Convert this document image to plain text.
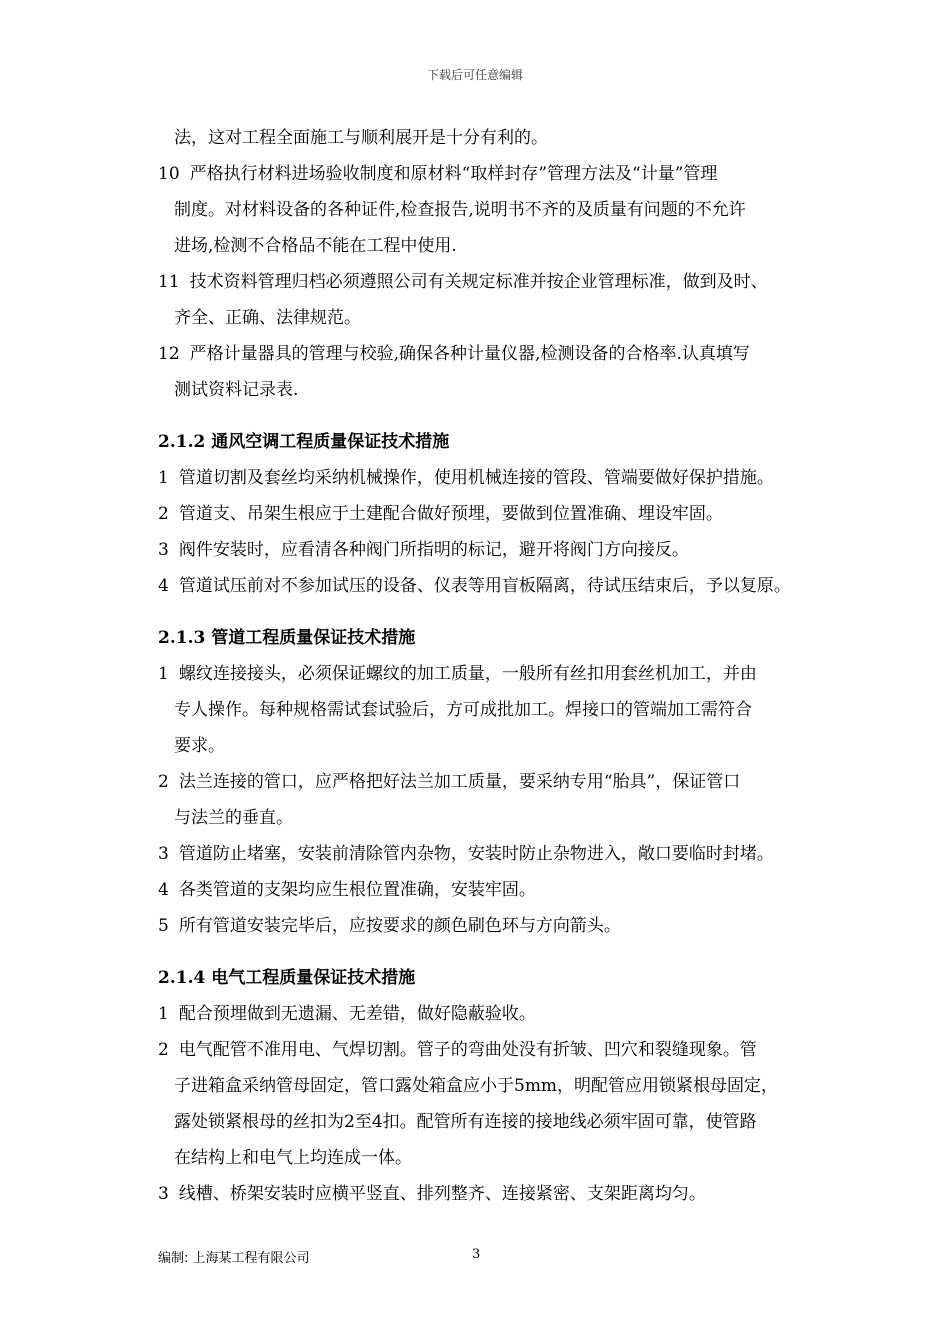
下载后可任意编辑
法，这对工程全面施工与顺利展开是十分有利的。
10 严格执行材料进场验收制度和原材料“取样封存”管理方法及“计量”管理
制度。对材料设备的各种证件,检查报告,说明书不齐的及质量有问题的不允许
进场,检测不合格品不能在工程中使用.
11 技术资料管理归档必须遵照公司有关规定标准并按企业管理标准，做到及时、
齐全、正确、法律规范。
12 严格计量器具的管理与校验,确保各种计量仪器,检测设备的合格率.认真填写
测试资料记录表.
2.1.2 通风空调工程质量保证技术措施
1 管道切割及套丝均采纳机械操作，使用机械连接的管段、管端要做好保护措施。
2 管道支、吊架生根应于土建配合做好预埋，要做到位置准确、埋设牢固。
3 阀件安装时，应看清各种阀门所指明的标记，避开将阀门方向接反。
4 管道试压前对不参加试压的设备、仪表等用盲板隔离，待试压结束后，予以复原。
2.1.3 管道工程质量保证技术措施
1 螺纹连接接头，必须保证螺纹的加工质量，一般所有丝扣用套丝机加工，并由
专人操作。每种规格需试套试验后，方可成批加工。焊接口的管端加工需符合
要求。
2 法兰连接的管口，应严格把好法兰加工质量，要采纳专用“胎具”，保证管口
与法兰的垂直。
3 管道防止堵塞，安装前清除管内杂物，安装时防止杂物进入，敞口要临时封堵。
4 各类管道的支架均应生根位置准确，安装牢固。
5 所有管道安装完毕后，应按要求的颜色刷色环与方向箭头。
2.1.4 电气工程质量保证技术措施
1 配合预埋做到无遗漏、无差错，做好隐蔽验收。
2 电气配管不准用电、气焊切割。管子的弯曲处没有折皱、凹穴和裂缝现象。管
子进箱盒采纳管母固定，管口露处箱盒应小于5mm，明配管应用锁紧根母固定，
露处锁紧根母的丝扣为2至4扣。配管所有连接的接地线必须牢固可靠，使管路
在结构上和电气上均连成一体。
3 线槽、桥架安装时应横平竖直、排列整齐、连接紧密、支架距离均匀。
编制: 上海某工程有限公司	3
